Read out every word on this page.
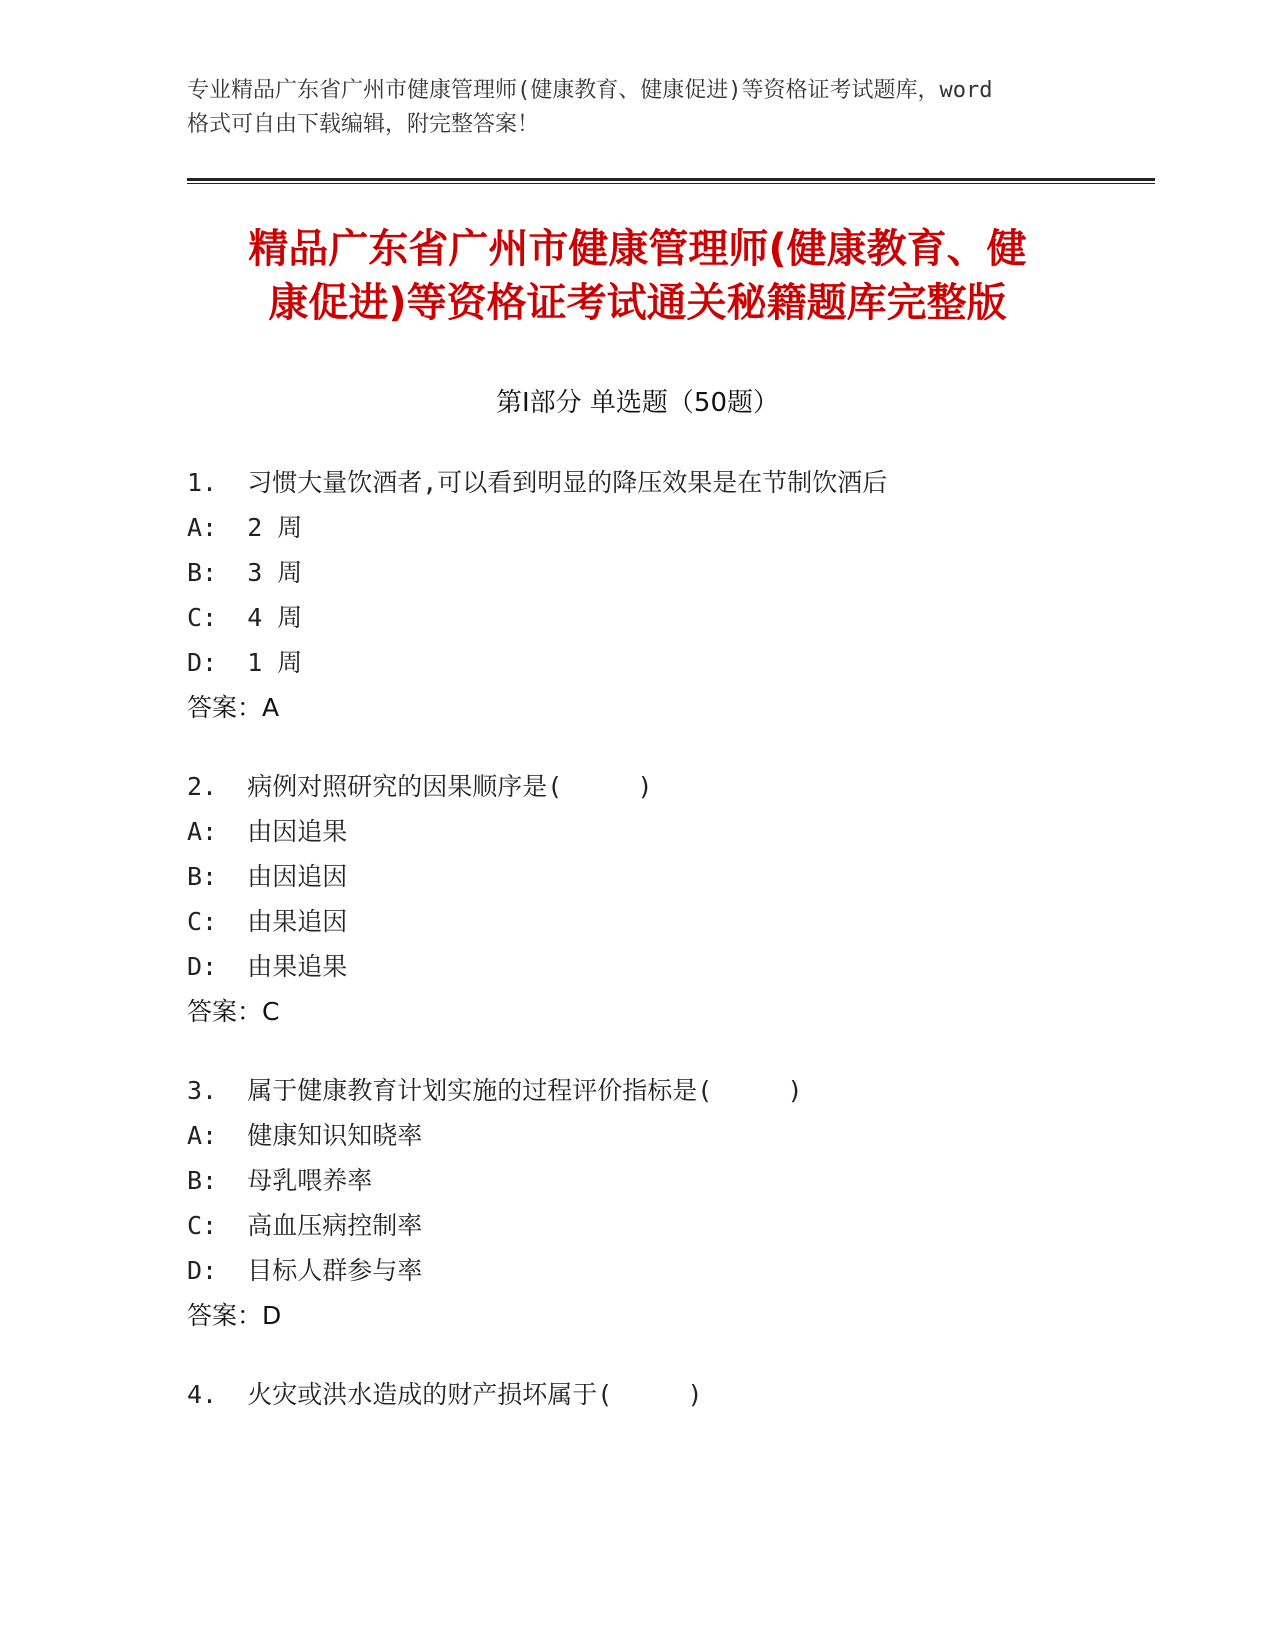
专业精品广东省广州市健康管理师(健康教育、健康促进)等资格证考试题库，word
格式可自由下载编辑，附完整答案！
精品广东省广州市健康管理师(健康教育、健
康促进)等资格证考试通关秘籍题库完整版
第Ⅰ部分 单选题（50题）
1.  习惯大量饮酒者,可以看到明显的降压效果是在节制饮酒后
A:  2 周
B:  3 周
C:  4 周
D:  1 周
答案：A
2.  病例对照研究的因果顺序是(     )
A:  由因追果
B:  由因追因
C:  由果追因
D:  由果追果
答案：C
3.  属于健康教育计划实施的过程评价指标是(     )
A:  健康知识知晓率
B:  母乳喂养率
C:  高血压病控制率
D:  目标人群参与率
答案：D
4.  火灾或洪水造成的财产损坏属于(     )
